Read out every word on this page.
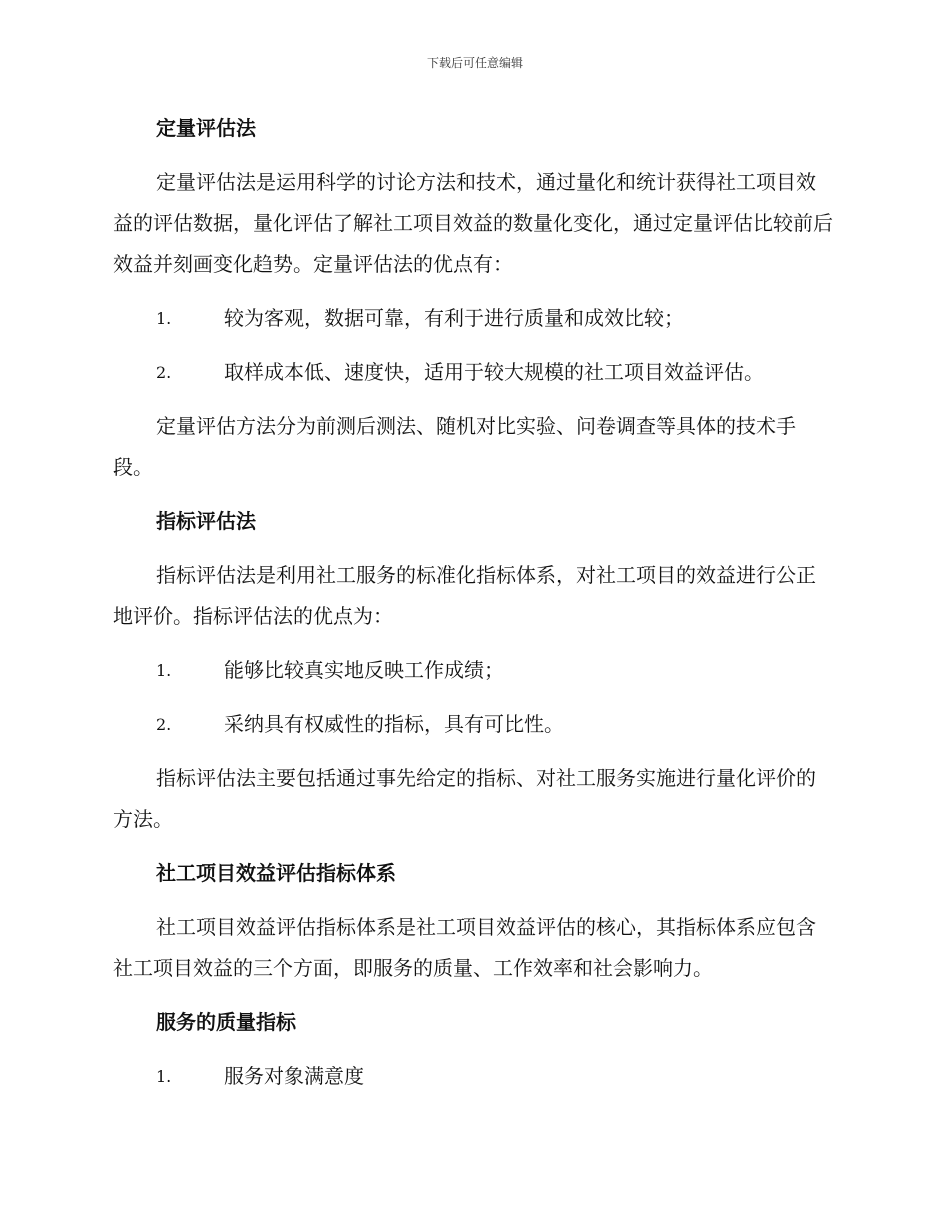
下载后可任意编辑
定量评估法
定量评估法是运用科学的讨论方法和技术，通过量化和统计获得社工项目效益的评估数据，量化评估了解社工项目效益的数量化变化，通过定量评估比较前后效益并刻画变化趋势。定量评估法的优点有：
1.	较为客观，数据可靠，有利于进行质量和成效比较；
2.	取样成本低、速度快，适用于较大规模的社工项目效益评估。
定量评估方法分为前测后测法、随机对比实验、问卷调查等具体的技术手段。
指标评估法
指标评估法是利用社工服务的标准化指标体系，对社工项目的效益进行公正地评价。指标评估法的优点为：
1.	能够比较真实地反映工作成绩；
2.	采纳具有权威性的指标，具有可比性。
指标评估法主要包括通过事先给定的指标、对社工服务实施进行量化评价的方法。
社工项目效益评估指标体系
社工项目效益评估指标体系是社工项目效益评估的核心，其指标体系应包含社工项目效益的三个方面，即服务的质量、工作效率和社会影响力。
服务的质量指标
1.	服务对象满意度
